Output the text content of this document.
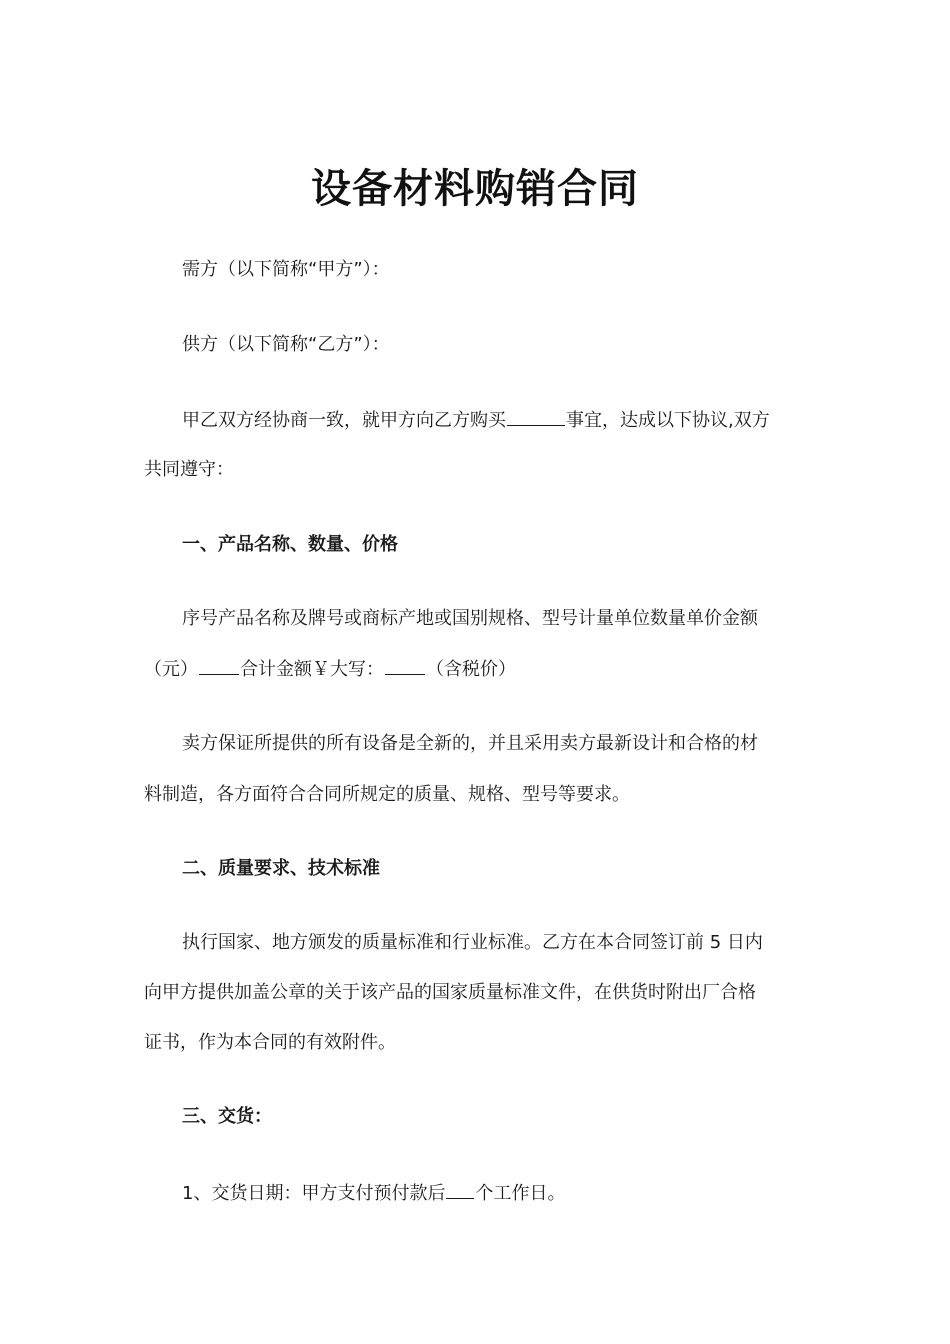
设备材料购销合同
需方（以下简称“甲方”）：
供方（以下简称“乙方”）：
甲乙双方经协商一致，就甲方向乙方购买	事宜，达成以下协议,双方
共同遵守：
一、产品名称、数量、价格
序号产品名称及牌号或商标产地或国别规格、型号计量单位数量单价金额
（元） 合计金额￥大写： （含税价）
卖方保证所提供的所有设备是全新的，并且采用卖方最新设计和合格的材
料制造，各方面符合合同所规定的质量、规格、型号等要求。
二、质量要求、技术标准
执行国家、地方颁发的质量标准和行业标准。乙方在本合同签订前 5 日内
向甲方提供加盖公章的关于该产品的国家质量标准文件，在供货时附出厂合格
证书，作为本合同的有效附件。
三、交货：
1、交货日期：甲方支付预付款后 个工作日。
